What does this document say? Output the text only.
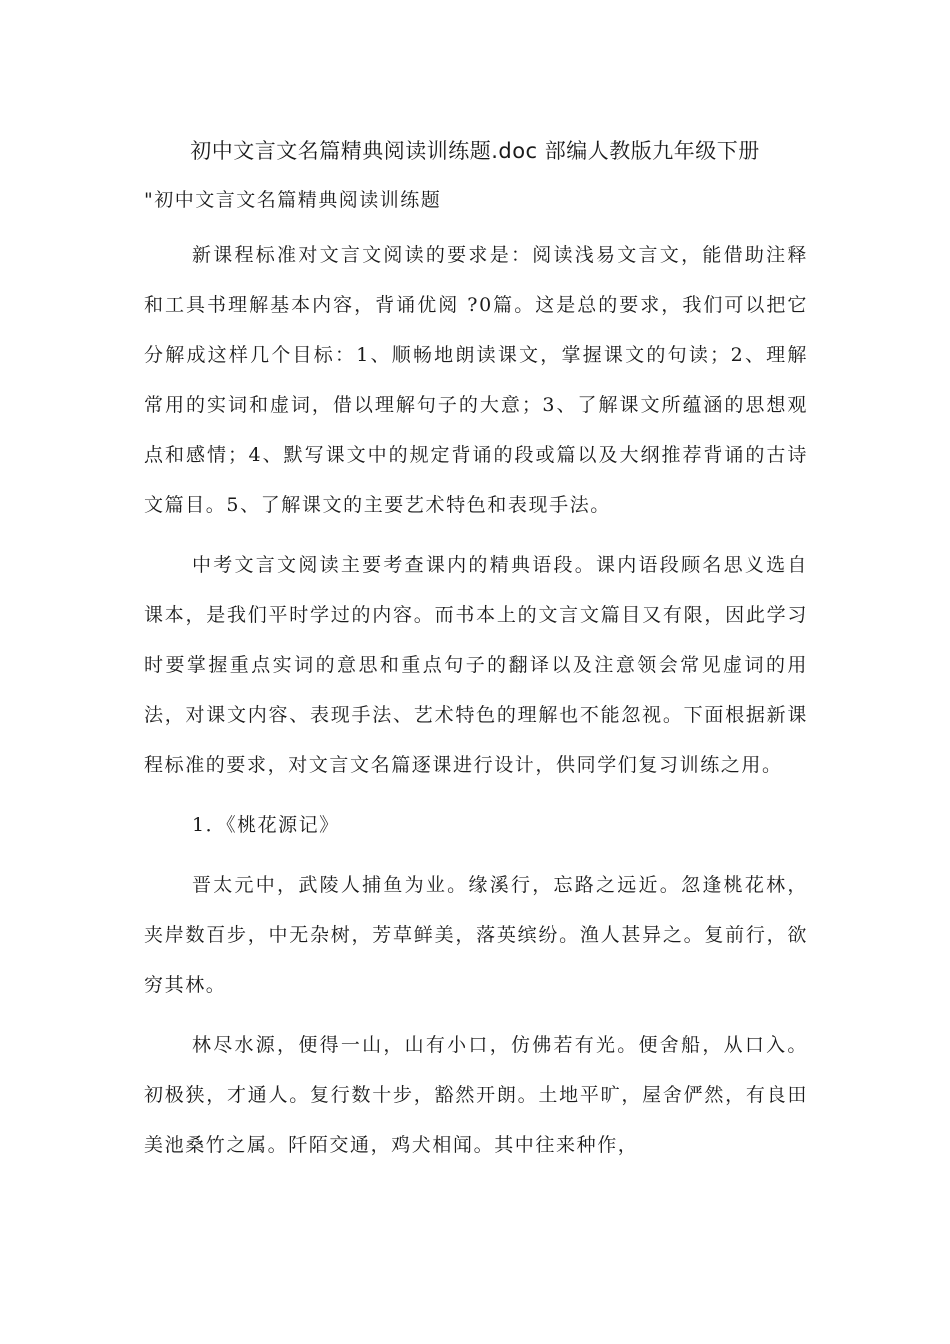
初中文言文名篇精典阅读训练题.doc 部编人教版九年级下册

"初中文言文名篇精典阅读训练题

新课程标准对文言文阅读的要求是：阅读浅易文言文，能借助注释和工具书理解基本内容，背诵优阅 ?0篇。这是总的要求，我们可以把它分解成这样几个目标：1、顺畅地朗读课文，掌握课文的句读；2、理解常用的实词和虚词，借以理解句子的大意；3、了解课文所蕴涵的思想观点和感情；4、默写课文中的规定背诵的段或篇以及大纲推荐背诵的古诗文篇目。5、了解课文的主要艺术特色和表现手法。

中考文言文阅读主要考查课内的精典语段。课内语段顾名思义选自课本，是我们平时学过的内容。而书本上的文言文篇目又有限，因此学习时要掌握重点实词的意思和重点句子的翻译以及注意领会常见虚词的用法，对课文内容、表现手法、艺术特色的理解也不能忽视。下面根据新课程标准的要求，对文言文名篇逐课进行设计，供同学们复习训练之用。

1．《桃花源记》

晋太元中，武陵人捕鱼为业。缘溪行，忘路之远近。忽逢桃花林，夹岸数百步，中无杂树，芳草鲜美，落英缤纷。渔人甚异之。复前行，欲穷其林。

林尽水源，便得一山，山有小口，仿佛若有光。便舍船，从口入。初极狭，才通人。复行数十步，豁然开朗。土地平旷，屋舍俨然，有良田美池桑竹之属。阡陌交通，鸡犬相闻。其中往来种作，
